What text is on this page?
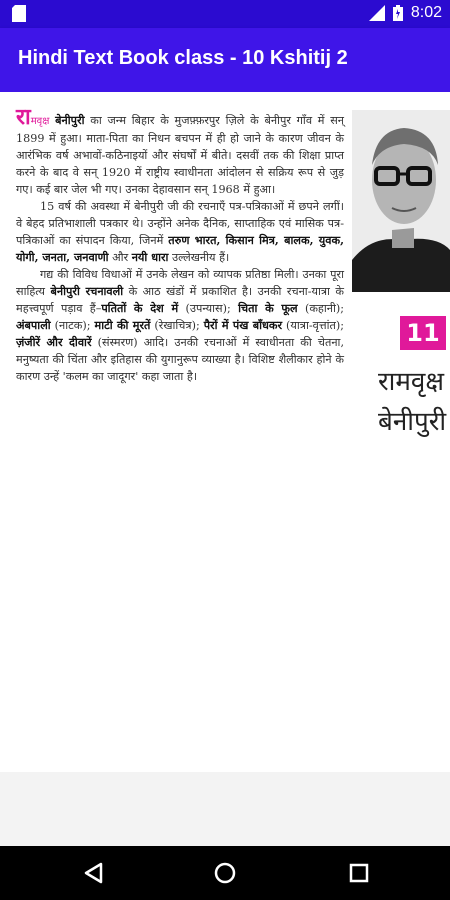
8:02
Hindi Text Book class - 10 Kshitij 2

रामवृक्ष बेनीपुरी का जन्म बिहार के मुजफ़्फ़रपुर ज़िले के बेनीपुर गाँव में सन् 1899 में हुआ। माता-पिता का निधन बचपन में ही हो जाने के कारण जीवन के आरंभिक वर्ष अभावों-कठिनाइयों और संघर्षों में बीते। दसवीं तक की शिक्षा प्राप्त करने के बाद वे सन् 1920 में राष्ट्रीय स्वाधीनता आंदोलन से सक्रिय रूप से जुड़ गए। कई बार जेल भी गए। उनका देहावसान सन् 1968 में हुआ।

15 वर्ष की अवस्था में बेनीपुरी जी की रचनाएँ पत्र-पत्रिकाओं में छपने लगीं। वे बेहद प्रतिभाशाली पत्रकार थे। उन्होंने अनेक दैनिक, साप्ताहिक एवं मासिक पत्र-पत्रिकाओं का संपादन किया, जिनमें तरुण भारत, किसान मित्र, बालक, युवक, योगी, जनता, जनवाणी और नयी धारा उल्लेखनीय हैं।

गद्य की विविध विधाओं में उनके लेखन को व्यापक प्रतिष्ठा मिली। उनका पूरा साहित्य बेनीपुरी रचनावली के आठ खंडों में प्रकाशित है। उनकी रचना-यात्रा के महत्त्वपूर्ण पड़ाव हैं–पतितों के देश में (उपन्यास); चिता के फूल (कहानी); अंबपाली (नाटक); माटी की मूरतें (रेखाचित्र); पैरों में पंख बाँधकर (यात्रा-वृत्तांत); ज़ंजीरें और दीवारें (संस्मरण) आदि। उनकी रचनाओं में स्वाधीनता की चेतना, मनुष्यता की चिंता और इतिहास की युगानुरूप व्याख्या है। विशिष्ट शैलीकार होने के कारण उन्हें 'कलम का जादूगर' कहा जाता है।

11
रामवृक्ष
बेनीपुरी
